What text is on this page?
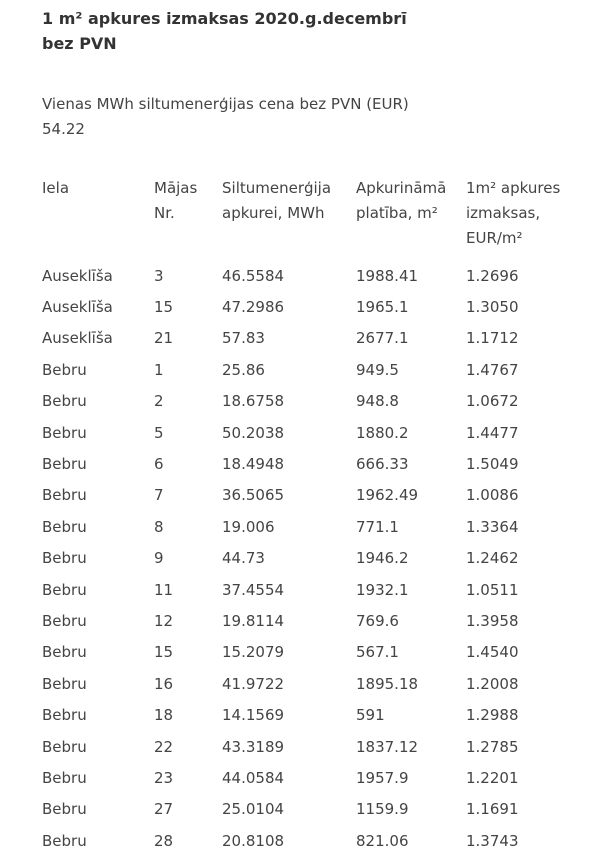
1 m² apkures izmaksas 2020.g.decembrī bez PVN
Vienas MWh siltumenerģijas cena bez PVN (EUR)
54.22
Iela	Mājas Nr.	Siltumenerģija apkurei, MWh	Apkurināmā platība, m²	1m² apkures izmaksas, EUR/m²
Auseklīša	3	46.5584	1988.41	1.2696
Auseklīša	15	47.2986	1965.1	1.3050
Auseklīša	21	57.83	2677.1	1.1712
Bebru	1	25.86	949.5	1.4767
Bebru	2	18.6758	948.8	1.0672
Bebru	5	50.2038	1880.2	1.4477
Bebru	6	18.4948	666.33	1.5049
Bebru	7	36.5065	1962.49	1.0086
Bebru	8	19.006	771.1	1.3364
Bebru	9	44.73	1946.2	1.2462
Bebru	11	37.4554	1932.1	1.0511
Bebru	12	19.8114	769.6	1.3958
Bebru	15	15.2079	567.1	1.4540
Bebru	16	41.9722	1895.18	1.2008
Bebru	18	14.1569	591	1.2988
Bebru	22	43.3189	1837.12	1.2785
Bebru	23	44.0584	1957.9	1.2201
Bebru	27	25.0104	1159.9	1.1691
Bebru	28	20.8108	821.06	1.3743
